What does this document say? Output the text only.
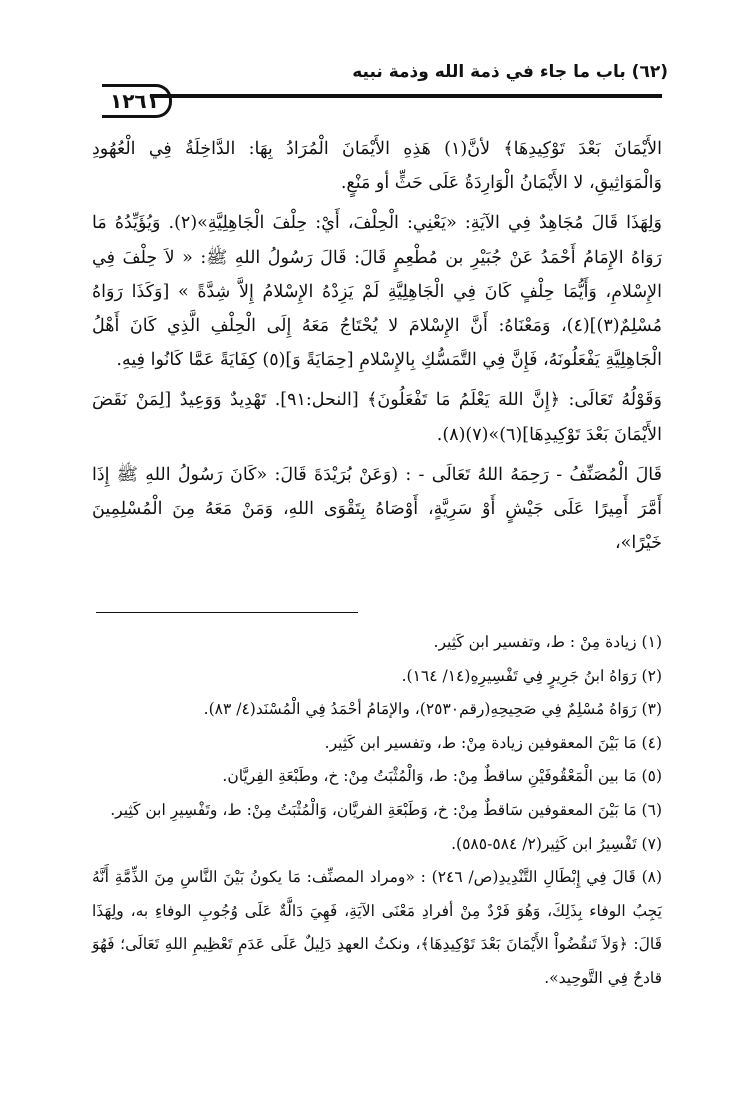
(٦٢) باب ما جاء في ذمة الله وذمة نبيه
١٢٦١

الأَيْمَانَ بَعْدَ تَوْكِيدِهَا﴾ لأنَّ(١) هَذِهِ الأَيْمَانَ الْمُرَادُ بِهَا: الدَّاخِلَةُ فِي الْعُهُودِ وَالْمَوَاثِيقِ، لا الأَيْمَانُ الْوَارِدَةُ عَلَى حَثٍّ أو مَنْعٍ.

وَلِهَذَا قَالَ مُجَاهِدٌ فِي الآيَةِ: «يَعْنِي: الْحِلْفَ، أَيْ: حِلْفَ الْجَاهِلِيَّةِ»(٢). وَيُؤَيِّدُهُ مَا رَوَاهُ الإِمَامُ أَحْمَدُ عَنْ جُبَيْرِ بن مُطْعِمٍ قَالَ: قَالَ رَسُولُ اللهِ ﷺ: « لاَ حِلْفَ فِي الإِسْلامِ، وَأَيُّمَا حِلْفٍ كَانَ فِي الْجَاهِلِيَّةِ لَمْ يَزِدْهُ الإِسْلامُ إِلاَّ شِدَّةً » [وَكَذَا رَوَاهُ مُسْلِمٌ(٣)](٤)، وَمَعْنَاهُ: أَنَّ الإِسْلامَ لا يُحْتَاجُ مَعَهُ إِلَى الْحِلْفِ الَّذِي كَانَ أَهْلُ الْجَاهِلِيَّةِ يَفْعَلُونَهُ، فَإِنَّ فِي التَّمَسُّكِ بِالإِسْلامِ [حِمَايَةً وَ](٥) كِفَايَةً عَمَّا كَانُوا فِيهِ.

وَقَوْلُهُ تَعَالَى: ﴿إِنَّ اللهَ يَعْلَمُ مَا تَفْعَلُونَ﴾ [النحل:٩١]. تَهْدِيدٌ وَوَعِيدٌ [لِمَنْ نَقَضَ الأَيْمَانَ بَعْدَ تَوْكِيدِهَا](٦)»(٧)(٨).

قَالَ الْمُصَنِّفُ - رَحِمَهُ اللهُ تَعَالَى - : (وَعَنْ بُرَيْدَةَ قَالَ: «كَانَ رَسُولُ اللهِ ﷺ إِذَا أَمَّرَ أَمِيرًا عَلَى جَيْشٍ أَوْ سَرِيَّةٍ، أَوْصَاهُ بِتَقْوَى اللهِ، وَمَنْ مَعَهُ مِنَ الْمُسْلِمِينَ خَيْرًا»،

(١) زيادة مِنْ : ط، وتفسير ابن كَثِير.

(٢) رَوَاهُ ابنُ جَرِيرٍ فِي تَفْسِيرِهِ(١٤/ ١٦٤).

(٣) رَوَاهُ مُسْلِمٌ فِي صَحِيحِهِ(رقم٢٥٣٠)، والإمَامُ أحْمَدُ فِي الْمُسْنَد(٤/ ٨٣).

(٤) مَا بَيْنَ المعقوفين زيادة مِنْ: ط، وتفسير ابن كَثِير.

(٥) مَا بين الْمَعْقُوفَيْنِ ساقطٌ مِنْ: ط، وَالْمُثْبَتُ مِنْ: خ، وطَبْعَةِ الفِريَّان.

(٦) مَا بَيْنَ المعقوفين سَاقطٌ مِنْ: خ، وَطَبْعَةِ الفريَّان، وَالْمُثْبَتُ مِنْ: ط، وتَفْسِيرِ ابن كَثِير.

(٧) تَفْسِيرُ ابن كَثِير(٢/ ٥٨٤-٥٨٥).

(٨) قَالَ فِي إِبْطَالِ التَّنْدِيدِ(ص/ ٢٤٦) : «ومراد المصنِّف: مَا يكونُ بَيْنَ النَّاسِ مِنَ الذِّمَّةِ أَنَّهُ يَجِبُ الوفاء بِذَلِكَ، وَهُوَ فَرْدٌ مِنْ أفرادِ مَعْنَى الآيَةِ، فَهِيَ دَالَّةٌ عَلَى وُجُوبِ الوفاءِ به، ولِهَذَا قَالَ: ﴿وَلاَ تَنقُضُواْ الأَيْمَانَ بَعْدَ تَوْكِيدِهَا﴾، ونكثُ العهدِ دَلِيلٌ عَلَى عَدَمِ تَعْظِيمِ اللهِ تَعَالَى؛ فَهُوَ قادحٌ فِي التَّوحِيد».
